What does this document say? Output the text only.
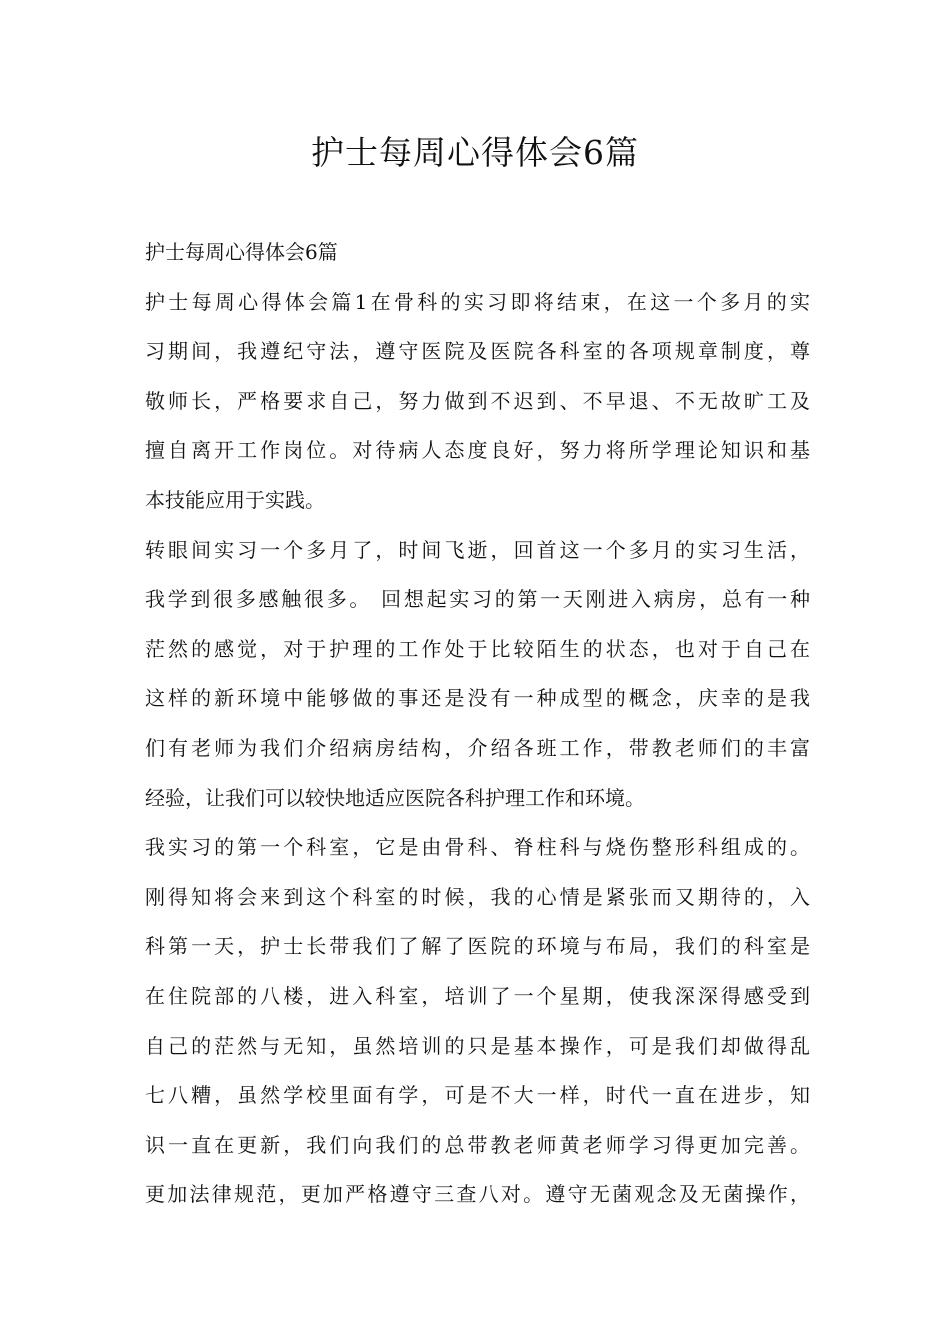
护士每周心得体会6篇
护士每周心得体会6篇
护士每周心得体会篇1在骨科的实习即将结束，在这一个多月的实
习期间，我遵纪守法，遵守医院及医院各科室的各项规章制度，尊
敬师长，严格要求自己，努力做到不迟到、不早退、不无故旷工及
擅自离开工作岗位。对待病人态度良好，努力将所学理论知识和基
本技能应用于实践。
转眼间实习一个多月了，时间飞逝，回首这一个多月的实习生活，
我学到很多感触很多。 回想起实习的第一天刚进入病房，总有一种
茫然的感觉，对于护理的工作处于比较陌生的状态，也对于自己在
这样的新环境中能够做的事还是没有一种成型的概念，庆幸的是我
们有老师为我们介绍病房结构，介绍各班工作，带教老师们的丰富
经验，让我们可以较快地适应医院各科护理工作和环境。
我实习的第一个科室，它是由骨科、脊柱科与烧伤整形科组成的。
刚得知将会来到这个科室的时候，我的心情是紧张而又期待的，入
科第一天，护士长带我们了解了医院的环境与布局，我们的科室是
在住院部的八楼，进入科室，培训了一个星期，使我深深得感受到
自己的茫然与无知，虽然培训的只是基本操作，可是我们却做得乱
七八糟，虽然学校里面有学，可是不大一样，时代一直在进步，知
识一直在更新，我们向我们的总带教老师黄老师学习得更加完善。
更加法律规范，更加严格遵守三查八对。遵守无菌观念及无菌操作，
